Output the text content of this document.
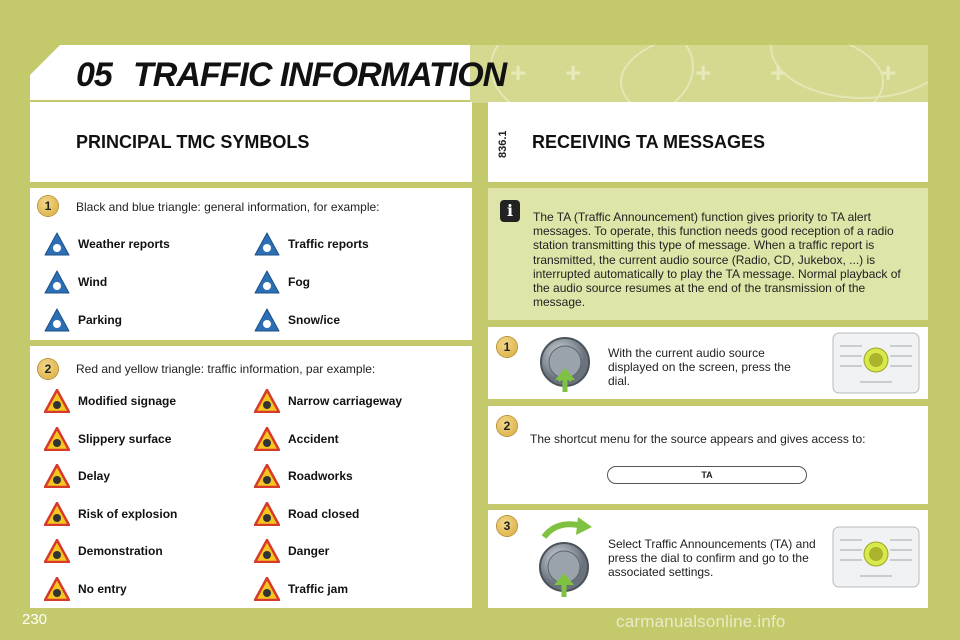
+ +	+ +	+
05 TRAFFIC INFORMATION
PRINCIPAL TMC SYMBOLS	RECEIVING TA MESSAGES
836.1
1	Black and blue triangle: general information, for example:
Weather reports	Traffic reports
Wind	Fog
Parking	Snow/ice
2	Red and yellow triangle: traffic information, par example:
Modified signage	Narrow carriageway
Slippery surface	Accident
Delay	Roadworks
Risk of explosion	Road closed
Demonstration	Danger
No entry	Traffic jam
i	The TA (Traffic Announcement) function gives priority to TA alert messages. To operate, this function needs good reception of a radio station transmitting this type of message. When a traffic report is transmitted, the current audio source (Radio, CD, Jukebox, ...) is interrupted automatically to play the TA message. Normal playback of the audio source resumes at the end of the transmission of the message.
1	With the current audio source displayed on the screen, press the dial.
2
The shortcut menu for the source appears and gives access to:
TA
3
Select Traffic Announcements (TA) and press the dial to confirm and go to the associated settings.
230	carmanualsonline.info
